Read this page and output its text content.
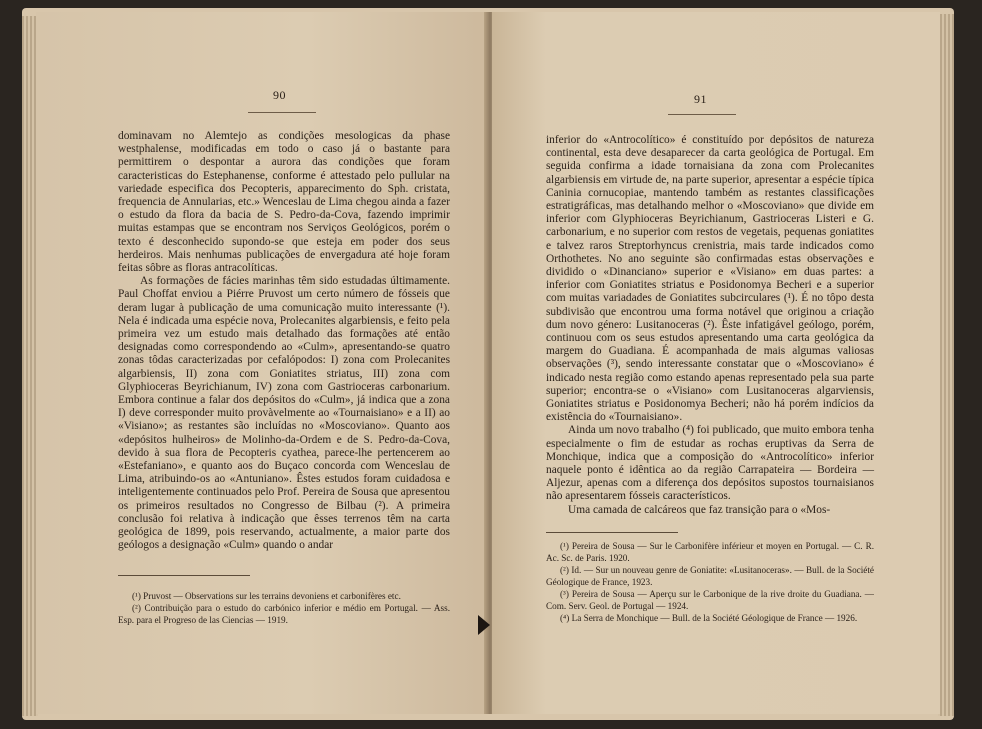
90

dominavam no Alemtejo as condições mesologicas da phase westphalense, modificadas em todo o caso já o bastante para permittirem o despontar a aurora das condições que foram caracteristicas do Estephanense, conforme é attestado pelo pullular na variedade especifica dos Pecopteris, apparecimento do Sph. cristata, frequencia de Annularias, etc.» Wenceslau de Lima chegou ainda a fazer o estudo da flora da bacia de S. Pedro-da-Cova, fazendo imprimir muitas estampas que se encontram nos Serviços Geológicos, porém o texto é desconhecido supondo-se que esteja em poder dos seus herdeiros. Mais nenhumas publicações de envergadura até hoje foram feitas sôbre as floras antracolíticas.

As formações de fácies marinhas têm sido estudadas últimamente. Paul Choffat enviou a Piérre Pruvost um certo número de fósseis que deram lugar à publicação de uma comunicação muito interessante (¹). Nela é indicada uma espécie nova, Prolecanites algarbiensis, e feito pela primeira vez um estudo mais detalhado das formações até então designadas como correspondendo ao «Culm», apresentando-se quatro zonas tôdas caracterizadas por cefalópodos: I) zona com Prolecanites algarbiensis, II) zona com Goniatites striatus, III) zona com Glyphioceras Beyrichianum, IV) zona com Gastrioceras carbonarium. Embora continue a falar dos depósitos do «Culm», já indica que a zona I) deve corresponder muito provàvelmente ao «Tournaisiano» e a II) ao «Visiano»; as restantes são incluídas no «Moscoviano». Quanto aos «depósitos hulheiros» de Molinho-da-Ordem e de S. Pedro-da-Cova, devido à sua flora de Pecopteris cyathea, parece-lhe pertencerem ao «Estefaniano», e quanto aos do Buçaco concorda com Wenceslau de Lima, atribuindo-os ao «Antuniano». Êstes estudos foram cuidadosa e inteligentemente continuados pelo Prof. Pereira de Sousa que apresentou os primeiros resultados no Congresso de Bilbau (²). A primeira conclusão foi relativa à indicação que êsses terrenos têm na carta geológica de 1899, pois reservando, actualmente, a maior parte dos geólogos a designação «Culm» quando o andar

(¹) Pruvost — Observations sur les terrains devoniens et carbonifères etc.

(²) Contribuição para o estudo do carbónico inferior e médio em Portugal. — Ass. Esp. para el Progreso de las Ciencias — 1919.

91

inferior do «Antrocolítico» é constituído por depósitos de natureza continental, esta deve desaparecer da carta geológica de Portugal. Em seguida confirma a idade tornaisiana da zona com Prolecanites algarbiensis em virtude de, na parte superior, apresentar a espécie típica Caninia cornucopiae, mantendo também as restantes classificações estratigráficas, mas detalhando melhor o «Moscoviano» que divide em inferior com Glyphioceras Beyrichianum, Gastrioceras Listeri e G. carbonarium, e no superior com restos de vegetais, pequenas goniatites e talvez raros Streptorhyncus crenistria, mais tarde indicados como Orthothetes. No ano seguinte são confirmadas estas observações e dividido o «Dinanciano» superior e «Visiano» em duas partes: a inferior com Goniatites striatus e Posidonomya Becheri e a superior com muitas variadades de Goniatites subcirculares (¹). É no tôpo desta subdivisão que encontrou uma forma notável que originou a criação dum novo género: Lusitanoceras (²). Êste infatigável geólogo, porém, continuou com os seus estudos apresentando uma carta geológica da margem do Guadiana. É acompanhada de mais algumas valiosas observações (³), sendo interessante constatar que o «Moscoviano» é indicado nesta região como estando apenas representado pela sua parte superior; encontra-se o «Visiano» com Lusitanoceras algarviensis, Goniatites striatus e Posidonomya Becheri; não há porém indícios da existência do «Tournaisiano».

Ainda um novo trabalho (⁴) foi publicado, que muito embora tenha especialmente o fim de estudar as rochas eruptivas da Serra de Monchique, indica que a composição do «Antrocolítico» inferior naquele ponto é idêntica ao da região Carrapateira — Bordeira — Aljezur, apenas com a diferença dos depósitos supostos tournaisianos não apresentarem fósseis característicos.

Uma camada de calcáreos que faz transição para o «Mos-

(¹) Pereira de Sousa — Sur le Carbonifère inférieur et moyen en Portugal. — C. R. Ac. Sc. de Paris. 1920.

(²) Id. — Sur un nouveau genre de Goniatite: «Lusitanoceras». — Bull. de la Société Géologique de France, 1923.

(³) Pereira de Sousa — Aperçu sur le Carbonique de la rive droite du Guadiana. — Com. Serv. Geol. de Portugal — 1924.

(⁴) La Serra de Monchique — Bull. de la Société Géologique de France — 1926.
